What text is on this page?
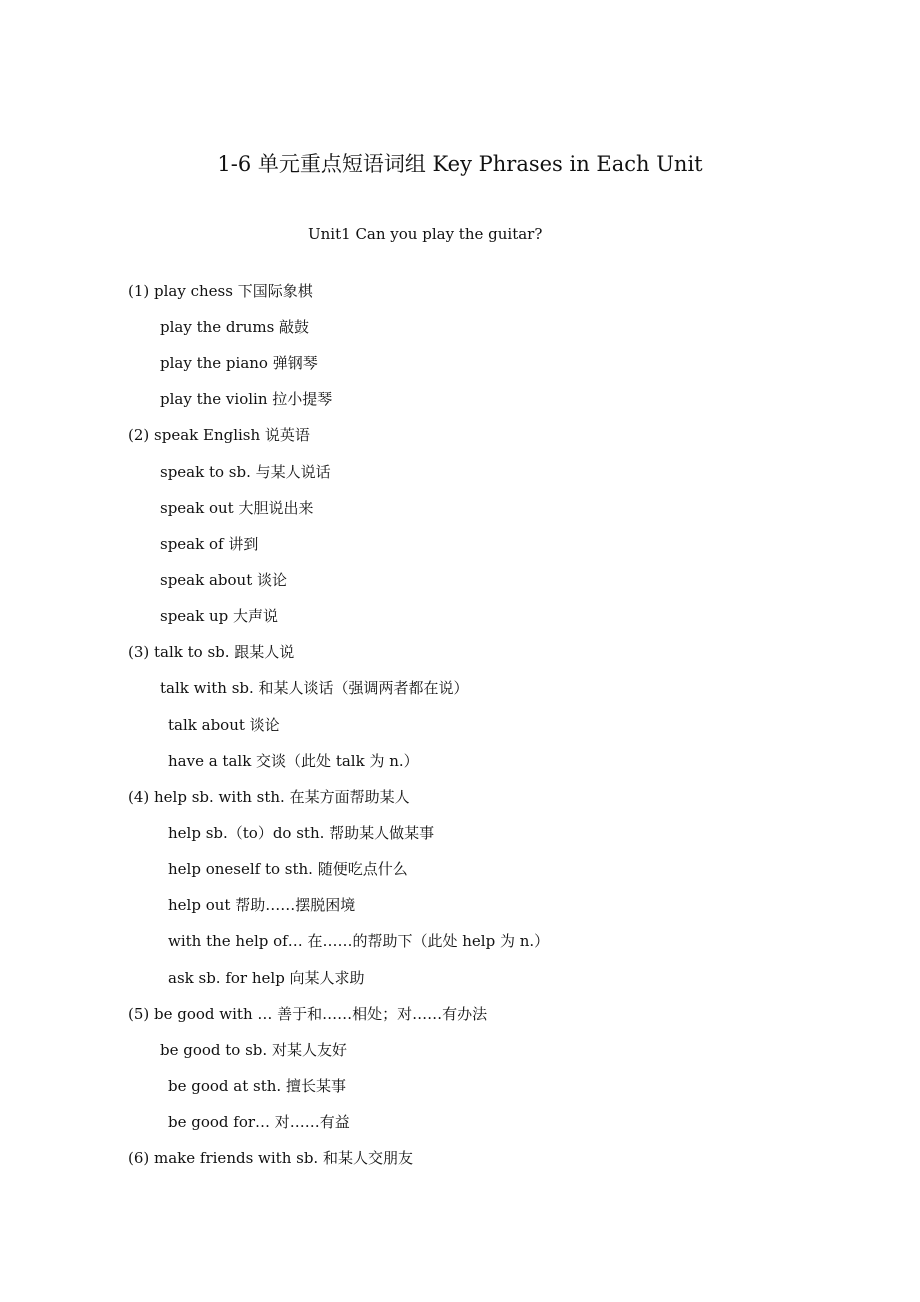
1-6 单元重点短语词组 Key Phrases in Each Unit
Unit1 Can you play the guitar?
(1) play chess 下国际象棋
play the drums 敲鼓
play the piano 弹钢琴
play the violin 拉小提琴
(2) speak English 说英语
speak to sb. 与某人说话
speak out 大胆说出来
speak of 讲到
speak about 谈论
speak up 大声说
(3) talk to sb. 跟某人说
talk with sb. 和某人谈话（强调两者都在说）
talk about 谈论
have a talk 交谈（此处 talk 为 n.）
(4) help sb. with sth. 在某方面帮助某人
help sb.（to）do sth. 帮助某人做某事
help oneself to sth. 随便吃点什么
help out 帮助……摆脱困境
with the help of… 在……的帮助下（此处 help 为 n.）
ask sb. for help 向某人求助
(5) be good with … 善于和……相处；对……有办法
be good to sb. 对某人友好
be good at sth. 擅长某事
be good for… 对……有益
(6) make friends with sb. 和某人交朋友
